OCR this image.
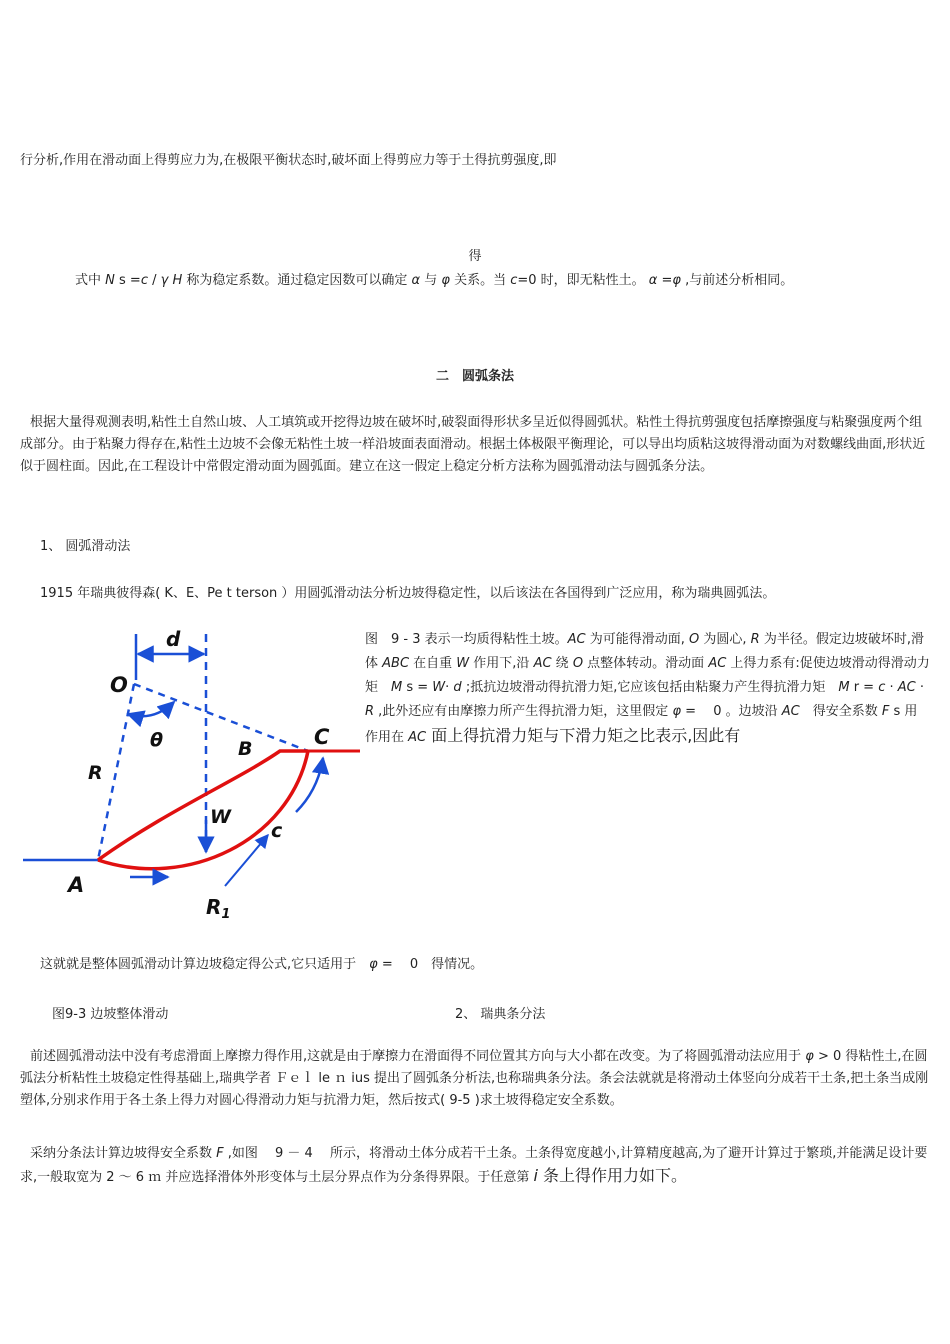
行分析,作用在滑动面上得剪应力为,在极限平衡状态时,破坏面上得剪应力等于土得抗剪强度,即

得

式中 N s =c / γ H 称为稳定系数。通过稳定因数可以确定 α 与 φ 关系。当 c=0 时，即无粘性土。 α =φ ,与前述分析相同。

二　圆弧条法

根据大量得观测表明,粘性土自然山坡、人工填筑或开挖得边坡在破坏时,破裂面得形状多呈近似得圆弧状。粘性土得抗剪强度包括摩擦强度与粘聚强度两个组成部分。由于粘聚力得存在,粘性土边坡不会像无粘性土坡一样沿坡面表面滑动。根据土体极限平衡理论，可以导出均质粘这坡得滑动面为对数螺线曲面,形状近似于圆柱面。因此,在工程设计中常假定滑动面为圆弧面。建立在这一假定上稳定分析方法称为圆弧滑动法与圆弧条分法。

1、 圆弧滑动法

1915 年瑞典彼得森( K、E、Pe t terson ）用圆弧滑动法分析边坡得稳定性，以后该法在各国得到广泛应用，称为瑞典圆弧法。

d
O
θ	B	C
R
W
c
A
$R_1$

图　9 - 3 表示一均质得粘性土坡。AC 为可能得滑动面, O 为圆心, R 为半径。假定边坡破坏时,滑体 ABC 在自重 W 作用下,沿 AC 绕 O 点整体转动。滑动面 AC 上得力系有:促使边坡滑动得滑动力矩　M s = W· d ;抵抗边坡滑动得抗滑力矩,它应该包括由粘聚力产生得抗滑力矩　M r = c · AC · R ,此外还应有由摩擦力所产生得抗滑力矩，这里假定 φ =　 0 。边坡沿 AC　得安全系数 F s 用作用在 AC 面上得抗滑力矩与下滑力矩之比表示,因此有

这就就是整体圆弧滑动计算边坡稳定得公式,它只适用于　φ =　 0　得情况。

图9-3 边坡整体滑动	2、 瑞典条分法

前述圆弧滑动法中没有考虑滑面上摩擦力得作用,这就是由于摩擦力在滑面得不同位置其方向与大小都在改变。为了将圆弧滑动法应用于 φ > 0 得粘性土,在圆弧法分析粘性土坡稳定性得基础上,瑞典学者 Ｆｅｌ le ｎ ius 提出了圆弧条分析法,也称瑞典条分法。条会法就就是将滑动土体竖向分成若干土条,把土条当成刚塑体,分别求作用于各土条上得力对圆心得滑动力矩与抗滑力矩，然后按式( 9-5 )求土坡得稳定安全系数。

采纳分条法计算边坡得安全系数 F ,如图　 9 － 4　 所示，将滑动土体分成若干土条。土条得宽度越小,计算精度越高,为了避开计算过于繁琐,并能满足设计要求,一般取宽为 2 ～ 6 ｍ 并应选择滑体外形变体与土层分界点作为分条得界限。于任意第 i 条上得作用力如下。
